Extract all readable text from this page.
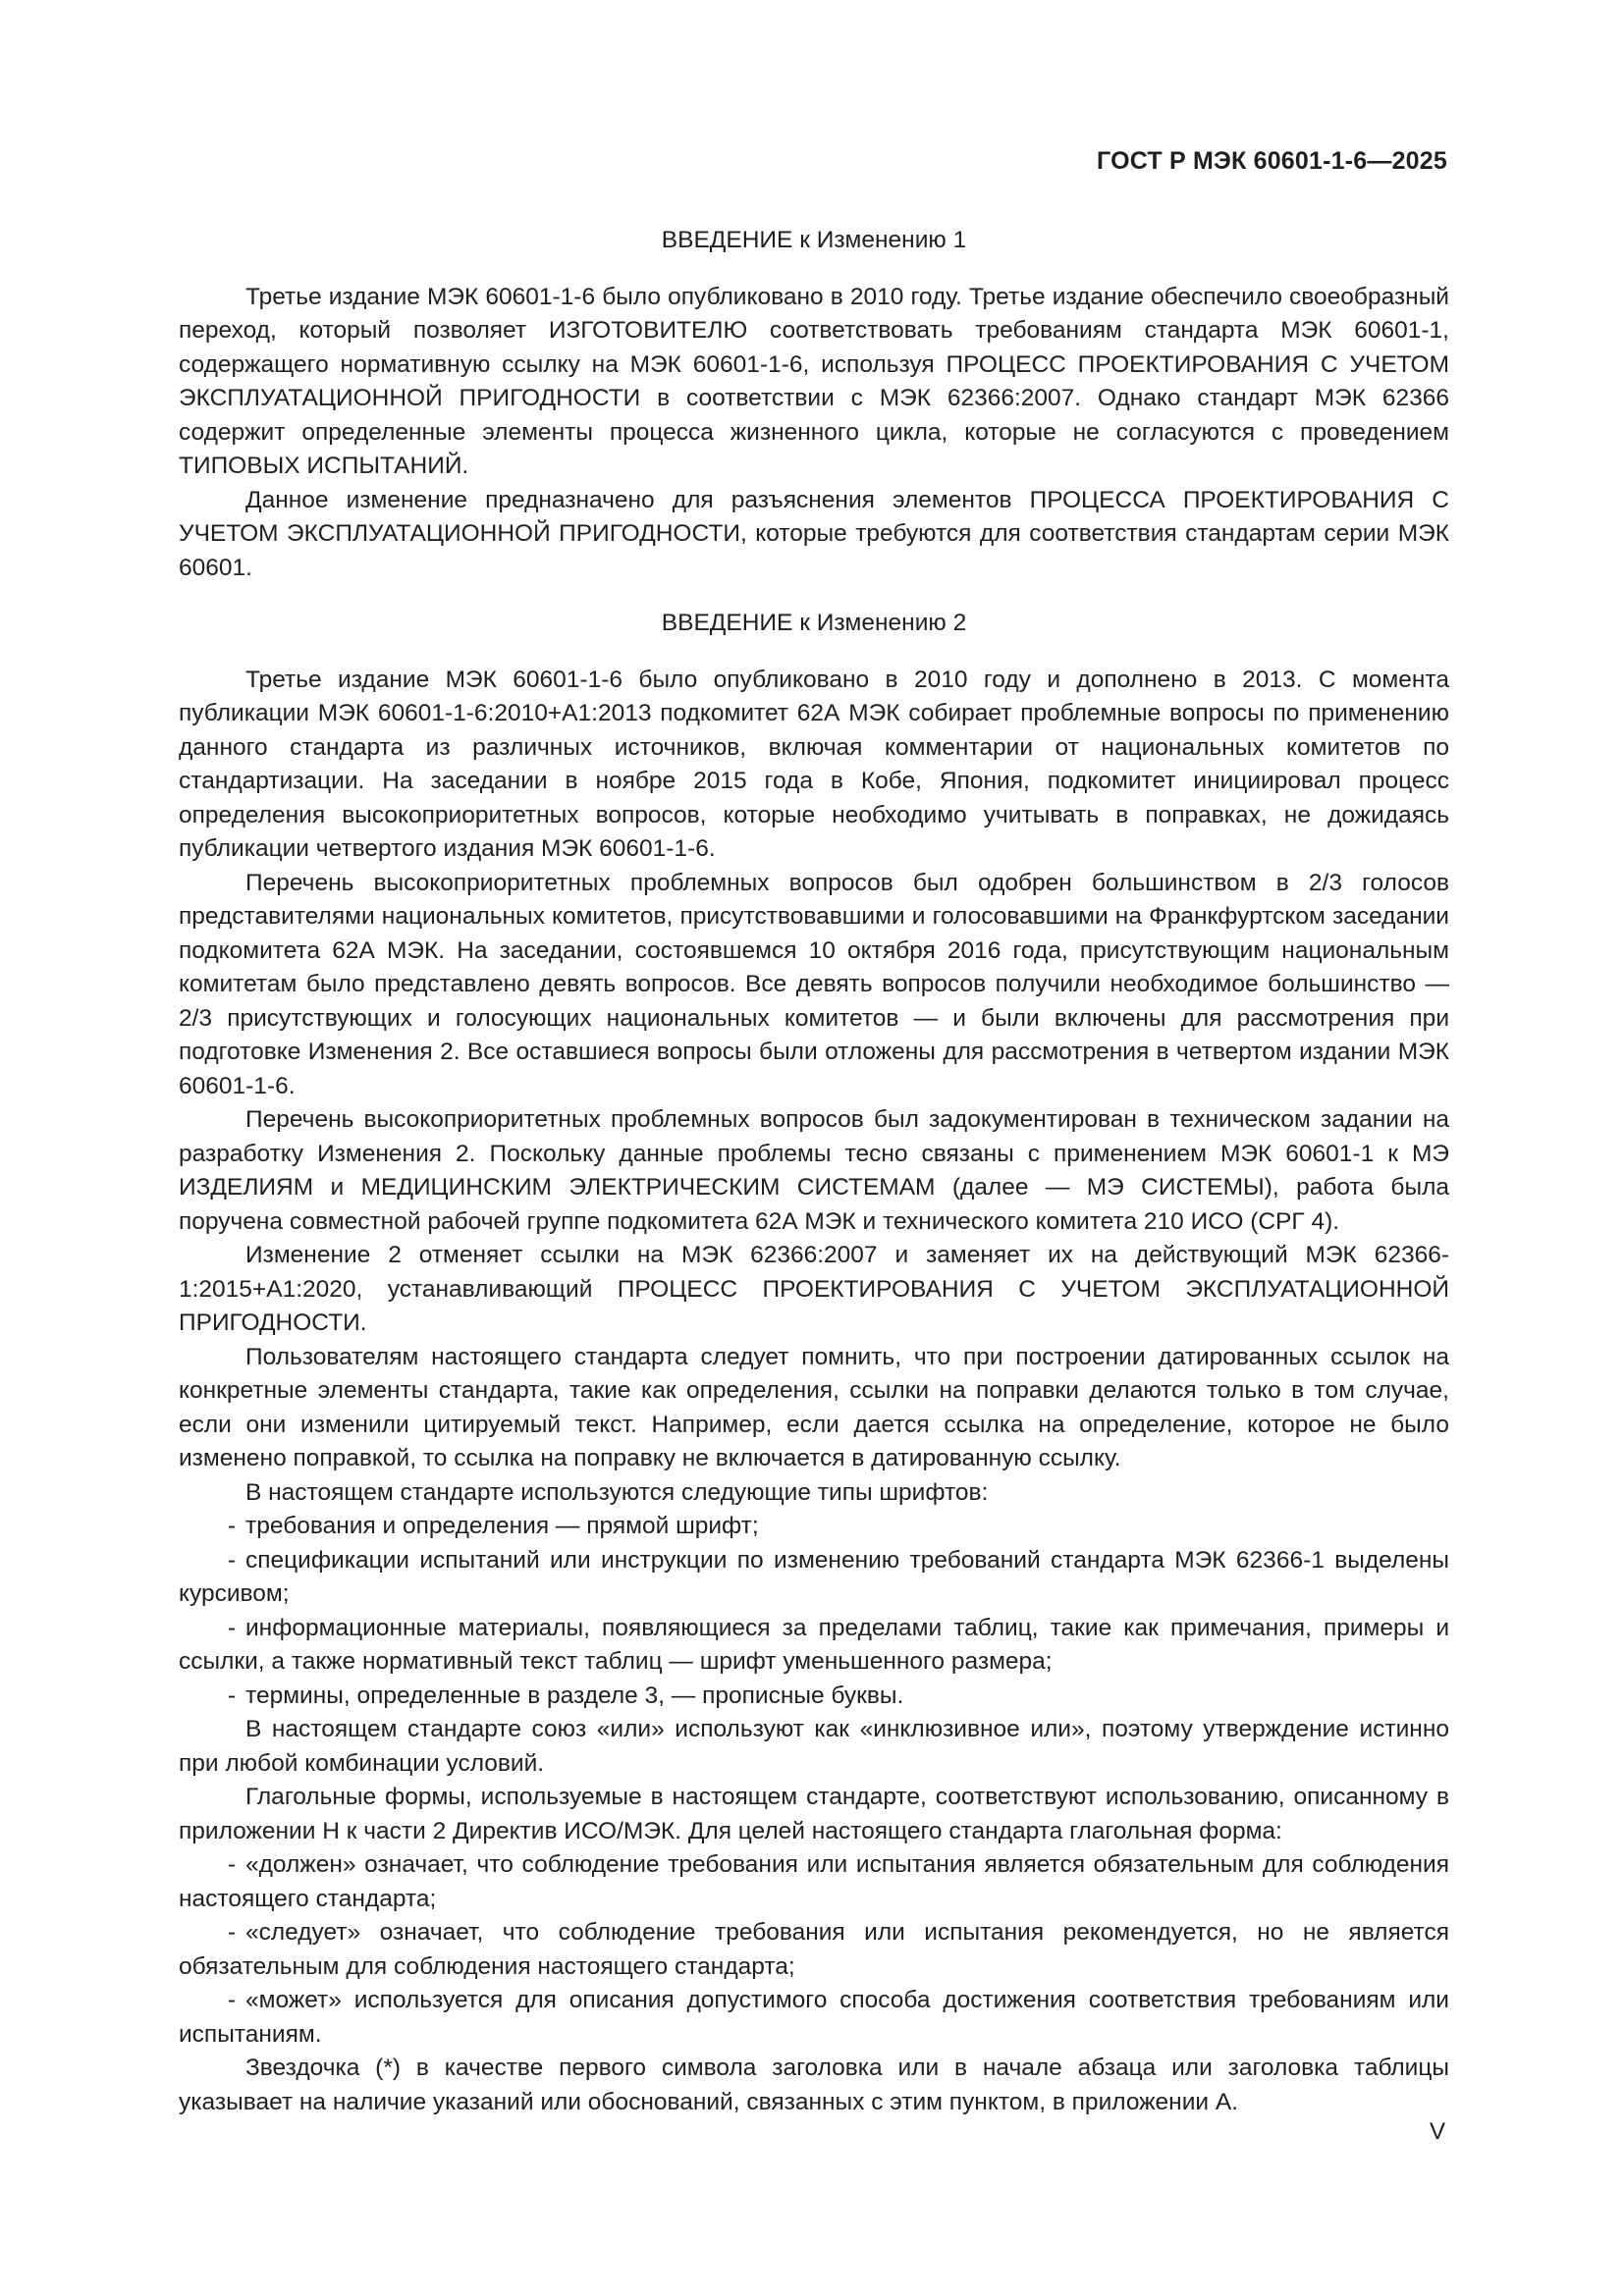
ГОСТ Р МЭК 60601-1-6—2025
ВВЕДЕНИЕ к Изменению 1

Третье издание МЭК 60601-1-6 было опубликовано в 2010 году. Третье издание обеспечило своеобразный переход, который позволяет ИЗГОТОВИТЕЛЮ соответствовать требованиям стандарта МЭК 60601-1, содержащего нормативную ссылку на МЭК 60601-1-6, используя ПРОЦЕСС ПРОЕКТИРОВАНИЯ С УЧЕТОМ ЭКСПЛУАТАЦИОННОЙ ПРИГОДНОСТИ в соответствии с МЭК 62366:2007. Однако стандарт МЭК 62366 содержит определенные элементы процесса жизненного цикла, которые не согласуются с проведением ТИПОВЫХ ИСПЫТАНИЙ.

Данное изменение предназначено для разъяснения элементов ПРОЦЕССА ПРОЕКТИРОВАНИЯ С УЧЕТОМ ЭКСПЛУАТАЦИОННОЙ ПРИГОДНОСТИ, которые требуются для соответствия стандартам серии МЭК 60601.

ВВЕДЕНИЕ к Изменению 2

Третье издание МЭК 60601-1-6 было опубликовано в 2010 году и дополнено в 2013. С момента публикации МЭК 60601-1-6:2010+A1:2013 подкомитет 62А МЭК собирает проблемные вопросы по применению данного стандарта из различных источников, включая комментарии от национальных комитетов по стандартизации. На заседании в ноябре 2015 года в Кобе, Япония, подкомитет инициировал процесс определения высокоприоритетных вопросов, которые необходимо учитывать в поправках, не дожидаясь публикации четвертого издания МЭК 60601-1-6.

Перечень высокоприоритетных проблемных вопросов был одобрен большинством в 2/3 голосов представителями национальных комитетов, присутствовавшими и голосовавшими на Франкфуртском заседании подкомитета 62А МЭК. На заседании, состоявшемся 10 октября 2016 года, присутствующим национальным комитетам было представлено девять вопросов. Все девять вопросов получили необходимое большинство — 2/3 присутствующих и голосующих национальных комитетов — и были включены для рассмотрения при подготовке Изменения 2. Все оставшиеся вопросы были отложены для рассмотрения в четвертом издании МЭК 60601-1-6.

Перечень высокоприоритетных проблемных вопросов был задокументирован в техническом задании на разработку Изменения 2. Поскольку данные проблемы тесно связаны с применением МЭК 60601-1 к МЭ ИЗДЕЛИЯМ и МЕДИЦИНСКИМ ЭЛЕКТРИЧЕСКИМ СИСТЕМАМ (далее — МЭ СИСТЕМЫ), работа была поручена совместной рабочей группе подкомитета 62А МЭК и технического комитета 210 ИСО (СРГ 4).

Изменение 2 отменяет ссылки на МЭК 62366:2007 и заменяет их на действующий МЭК 62366-1:2015+A1:2020, устанавливающий ПРОЦЕСС ПРОЕКТИРОВАНИЯ С УЧЕТОМ ЭКСПЛУАТАЦИОННОЙ ПРИГОДНОСТИ.

Пользователям настоящего стандарта следует помнить, что при построении датированных ссылок на конкретные элементы стандарта, такие как определения, ссылки на поправки делаются только в том случае, если они изменили цитируемый текст. Например, если дается ссылка на определение, которое не было изменено поправкой, то ссылка на поправку не включается в датированную ссылку.

В настоящем стандарте используются следующие типы шрифтов:

- требования и определения — прямой шрифт;

- спецификации испытаний или инструкции по изменению требований стандарта МЭК 62366-1 выделены курсивом;

- информационные материалы, появляющиеся за пределами таблиц, такие как примечания, примеры и ссылки, а также нормативный текст таблиц — шрифт уменьшенного размера;

- термины, определенные в разделе 3, — прописные буквы.

В настоящем стандарте союз «или» используют как «инклюзивное или», поэтому утверждение истинно при любой комбинации условий.

Глагольные формы, используемые в настоящем стандарте, соответствуют использованию, описанному в приложении Н к части 2 Директив ИСО/МЭК. Для целей настоящего стандарта глагольная форма:

- «должен» означает, что соблюдение требования или испытания является обязательным для соблюдения настоящего стандарта;

- «следует» означает, что соблюдение требования или испытания рекомендуется, но не является обязательным для соблюдения настоящего стандарта;

- «может» используется для описания допустимого способа достижения соответствия требованиям или испытаниям.

Звездочка (*) в качестве первого символа заголовка или в начале абзаца или заголовка таблицы указывает на наличие указаний или обоснований, связанных с этим пунктом, в приложении А.

V
